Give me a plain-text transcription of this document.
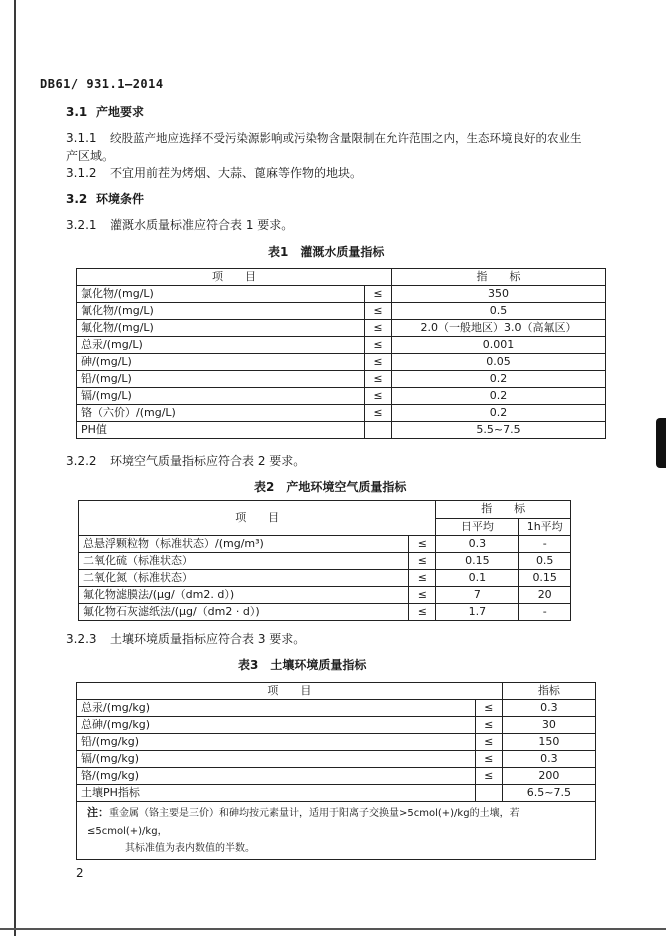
DB61/ 931.1—2014
3.1 产地要求
3.1.1 绞股蓝产地应选择不受污染源影响或污染物含量限制在允许范围之内，生态环境良好的农业生
产区域。
3.1.2 不宜用前茬为烤烟、大蒜、蓖麻等作物的地块。
3.2 环境条件
3.2.1 灌溉水质量标准应符合表 1 要求。
表1　灌溉水质量指标
项　　目		指　　标
氯化物/(mg/L)	≤	350
氰化物/(mg/L)	≤	0.5
氟化物/(mg/L)	≤	2.0（一般地区）3.0（高氟区）
总汞/(mg/L)	≤	0.001
砷/(mg/L)	≤	0.05
铅/(mg/L)	≤	0.2
镉/(mg/L)	≤	0.2
铬（六价）/(mg/L)	≤	0.2
PH值		5.5~7.5
3.2.2 环境空气质量指标应符合表 2 要求。
表2　产地环境空气质量指标
项　　目		指　　标	
		日平均	1h平均
总悬浮颗粒物（标准状态）/(mg/m³)	≤	0.3	-
二氧化硫（标准状态）	≤	0.15	0.5
二氧化氮（标准状态）	≤	0.1	0.15
氟化物滤膜法/(μg/（dm2. d）)	≤	7	20
氟化物石灰滤纸法/(μg/（dm2 · d）)	≤	1.7	-
3.2.3 土壤环境质量指标应符合表 3 要求。
表3　土壤环境质量指标
项　　目		指标
总汞/(mg/kg)	≤	0.3
总砷/(mg/kg)	≤	30
铅/(mg/kg)	≤	150
镉/(mg/kg)	≤	0.3
铬/(mg/kg)	≤	200
土壤PH指标		6.5~7.5
注：重金属（铬主要是三价）和砷均按元素量计，适用于阳离子交换量>5cmol(+)/kg的土壤，若≤5cmol(+)/kg，
其标准值为表内数值的半数。		
2
